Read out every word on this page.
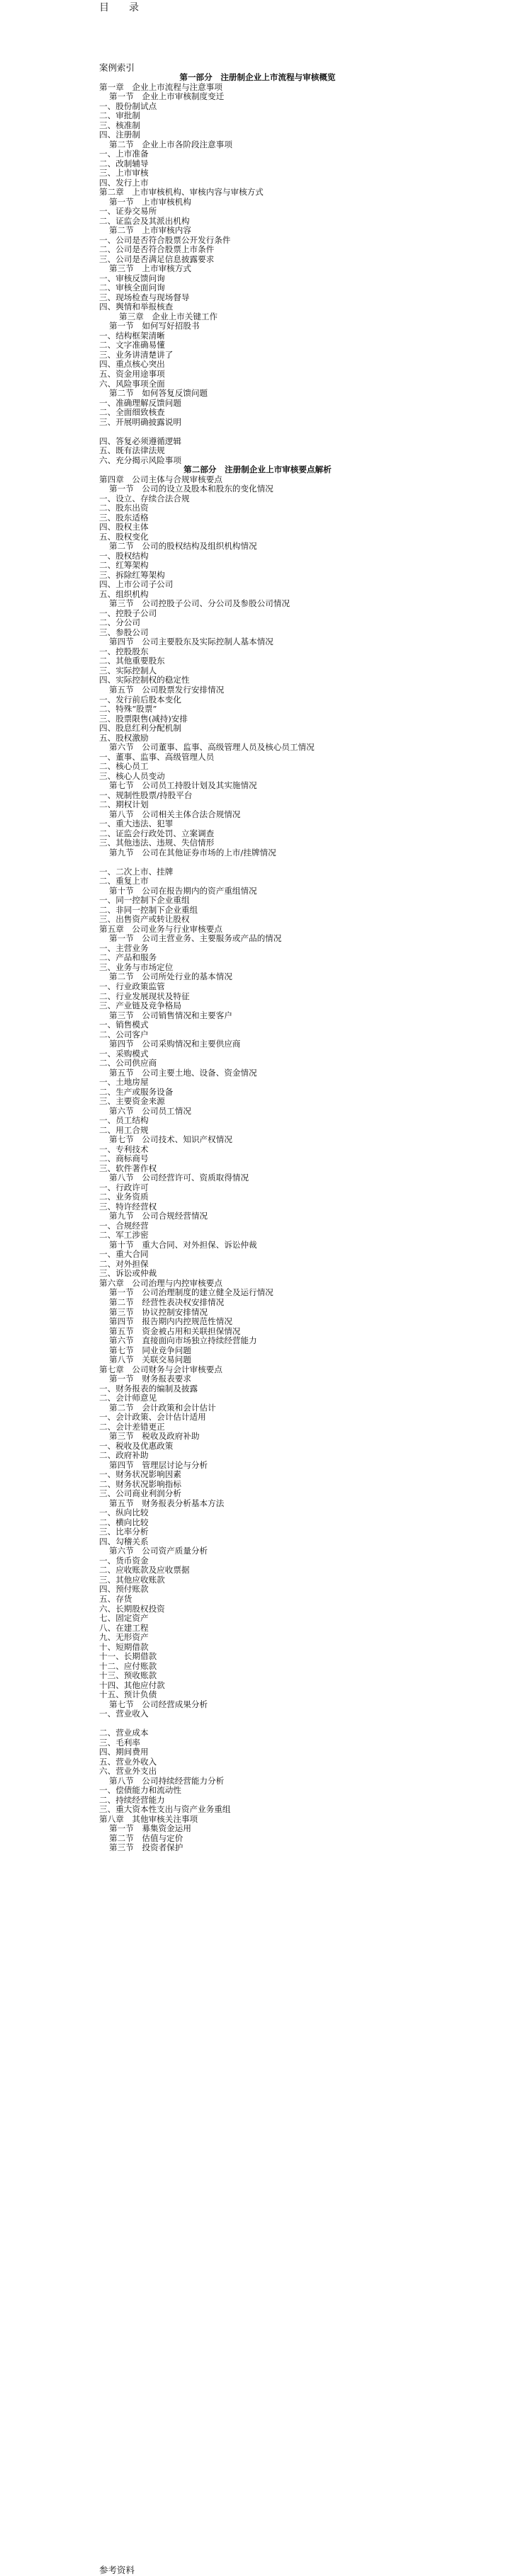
目录
案例索引
第一部分　注册制企业上市流程与审核概览
第一章　企业上市流程与注意事项
第一节　企业上市审核制度变迁
一、股份制试点
二、审批制
三、核准制
四、注册制
第二节　企业上市各阶段注意事项
一、上市准备
二、改制辅导
三、上市审核
四、发行上市
第二章　上市审核机构、审核内容与审核方式
第一节　上市审核机构
一、证券交易所
二、证监会及其派出机构
第二节　上市审核内容
一、公司是否符合股票公开发行条件
二、公司是否符合股票上市条件
三、公司是否满足信息披露要求
第三节　上市审核方式
一、审核反馈问询
二、审核全面问询
三、现场检查与现场督导
四、舆情和举报核查
第三章　企业上市关键工作
第一节　如何写好招股书
一、结构框架清晰
二、文字准确易懂
三、业务讲清楚讲了
四、重点核心突出
五、资金用途事项
六、风险事项全面
第二节　如何答复反馈问题
一、准确理解反馈问题
二、全面细致核查
三、开展明确披露说明
四、答复必须遵循逻辑
五、既有法律法规
六、充分揭示风险事项
第二部分　注册制企业上市审核要点解析
第四章　公司主体与合规审核要点
第一节　公司的设立及股本和股东的变化情况
一、设立、存续合法合规
二、股东出资
三、股东适格
四、股权主体
五、股权变化
第二节　公司的股权结构及组织机构情况
一、股权结构
二、红筹架构
三、拆除红筹架构
四、上市公司子公司
五、组织机构
第三节　公司控股子公司、分公司及参股公司情况
一、控股子公司
二、分公司
三、参股公司
第四节　公司主要股东及实际控制人基本情况
一、控股股东
二、其他重要股东
三、实际控制人
四、实际控制权的稳定性
第五节　公司股票发行安排情况
一、发行前后股本变化
二、特殊“股票”
三、股票限售(减持)安排
四、股息红利分配机制
五、股权激励
第六节　公司董事、监事、高级管理人员及核心员工情况
一、董事、监事、高级管理人员
二、核心员工
三、核心人员变动
第七节　公司员工持股计划及其实施情况
一、规制性股票/持股平台
二、期权计划
第八节　公司相关主体合法合规情况
一、重大违法、犯罪
二、证监会行政处罚、立案调查
三、其他违法、违规、失信情形
第九节　公司在其他证券市场的上市/挂牌情况
一、二次上市、挂牌
二、重复上市
第十节　公司在报告期内的资产重组情况
一、同一控制下企业重组
二、非同一控制下企业重组
三、出售资产或转让股权
第五章　公司业务与行业审核要点
第一节　公司主营业务、主要服务或产品的情况
一、主营业务
二、产品和服务
三、业务与市场定位
第二节　公司所处行业的基本情况
一、行业政策监管
二、行业发展现状及特征
三、产业链及竞争格局
第三节　公司销售情况和主要客户
一、销售模式
二、公司客户
第四节　公司采购情况和主要供应商
一、采购模式
二、公司供应商
第五节　公司主要土地、设备、资金情况
一、土地房屋
二、生产或服务设备
三、主要资金来源
第六节　公司员工情况
一、员工结构
二、用工合规
第七节　公司技术、知识产权情况
一、专利技术
二、商标商号
三、软件著作权
第八节　公司经营许可、资质取得情况
一、行政许可
二、业务资质
三、特许经营权
第九节　公司合规经营情况
一、合规经营
二、军工涉密
第十节　重大合同、对外担保、诉讼仲裁
一、重大合同
二、对外担保
三、诉讼或仲裁
第六章　公司治理与内控审核要点
第一节　公司治理制度的建立健全及运行情况
第二节　经营性表决权安排情况
第三节　协议控制安排情况
第四节　报告期内内控规范性情况
第五节　资金被占用和关联担保情况
第六节　直接面向市场独立持续经营能力
第七节　同业竞争问题
第八节　关联交易问题
第七章　公司财务与会计审核要点
第一节　财务报表要求
一、财务报表的编制及披露
二、会计师意见
第二节　会计政策和会计估计
一、会计政策、会计估计适用
二、会计差错更正
第三节　税收及政府补助
一、税收及优惠政策
二、政府补助
第四节　管理层讨论与分析
一、财务状况影响因素
二、财务状况影响指标
三、公司商业利润分析
第五节　财务报表分析基本方法
一、纵向比较
二、横向比较
三、比率分析
四、勾稽关系
第六节　公司资产质量分析
一、货币资金
二、应收账款及应收票据
三、其他应收账款
四、预付账款
五、存货
六、长期股权投资
七、固定资产
八、在建工程
九、无形资产
十、短期借款
十一、长期借款
十二、应付账款
十三、预收账款
十四、其他应付款
十五、预计负债
第七节　公司经营成果分析
一、营业收入
二、营业成本
三、毛利率
四、期间费用
五、营业外收入
六、营业外支出
第八节　公司持续经营能力分析
一、偿债能力和流动性
二、持续经营能力
三、重大资本性支出与资产业务重组
第八章　其他审核关注事项
第一节　募集资金运用
第二节　估值与定价
第三节　投资者保护
参考资料
